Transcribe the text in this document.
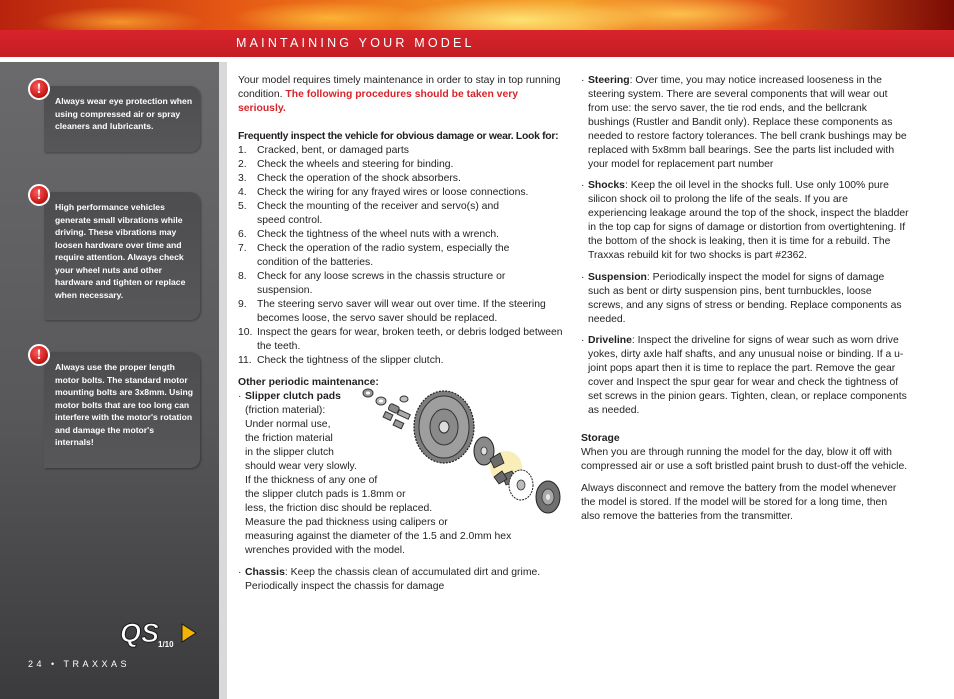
MAINTAINING YOUR MODEL

Always wear eye protection when using compressed air or spray cleaners and lubricants.

!

High performance vehicles generate small vibrations while driving. These vibrations may loosen hardware over time and require attention. Always check your wheel nuts and other hardware and tighten or replace when necessary.

!

Always use the proper length motor bolts. The standard motor mounting bolts are 3x8mm. Using motor bolts that are too long can interfere with the motor's rotation and damage the motor's internals!

!
QS
1/10
24 • TRAXXAS

Your model requires timely maintenance in order to stay in top running condition. The following procedures should be taken very seriously.

Frequently inspect the vehicle for obvious damage or wear. Look for:

1. Cracked, bent, or damaged parts
2. Check the wheels and steering for binding.
3. Check the operation of the shock absorbers.
4. Check the wiring for any frayed wires or loose connections.
5. Check the mounting of the receiver and servo(s) and speed control.
6. Check the tightness of the wheel nuts with a wrench.
7. Check the operation of the radio system, especially the condition of the batteries.
8. Check for any loose screws in the chassis structure or suspension.
9. The steering servo saver will wear out over time. If the steering becomes loose, the servo saver should be replaced.
10. Inspect the gears for wear, broken teeth, or debris lodged between the teeth.
11. Check the tightness of the slipper clutch.

Other periodic maintenance:

· Slipper clutch pads
(friction material):
Under normal use,
the friction material
in the slipper clutch
should wear very slowly.
If the thickness of any one of
the slipper clutch pads is 1.8mm or
less, the friction disc should be replaced.
Measure the pad thickness using calipers or
measuring against the diameter of the 1.5 and 2.0mm hex
wrenches provided with the model.
· Chassis: Keep the chassis clean of accumulated dirt and grime. Periodically inspect the chassis for damage
· Steering: Over time, you may notice increased looseness in the steering system. There are several components that will wear out from use: the servo saver, the tie rod ends, and the bellcrank bushings (Rustler and Bandit only). Replace these components as needed to restore factory tolerances. The bell crank bushings may be replaced with 5x8mm ball bearings. See the parts list included with your model for replacement part number
· Shocks: Keep the oil level in the shocks full. Use only 100% pure silicon shock oil to prolong the life of the seals. If you are experiencing leakage around the top of the shock, inspect the bladder in the top cap for signs of damage or distortion from overtightening. If the bottom of the shock is leaking, then it is time for a rebuild. The Traxxas rebuild kit for two shocks is part #2362.
· Suspension: Periodically inspect the model for signs of damage such as bent or dirty suspension pins, bent turnbuckles, loose screws, and any signs of stress or bending. Replace components as needed.
· Driveline: Inspect the driveline for signs of wear such as worn drive yokes, dirty axle half shafts, and any unusual noise or binding. If a u-joint pops apart then it is time to replace the part. Remove the gear cover and Inspect the spur gear for wear and check the tightness of set screws in the pinion gears. Tighten, clean, or replace components as needed.

Storage

When you are through running the model for the day, blow it off with compressed air or use a soft bristled paint brush to dust-off the vehicle.

Always disconnect and remove the battery from the model whenever the model is stored. If the model will be stored for a long time, then also remove the batteries from the transmitter.
